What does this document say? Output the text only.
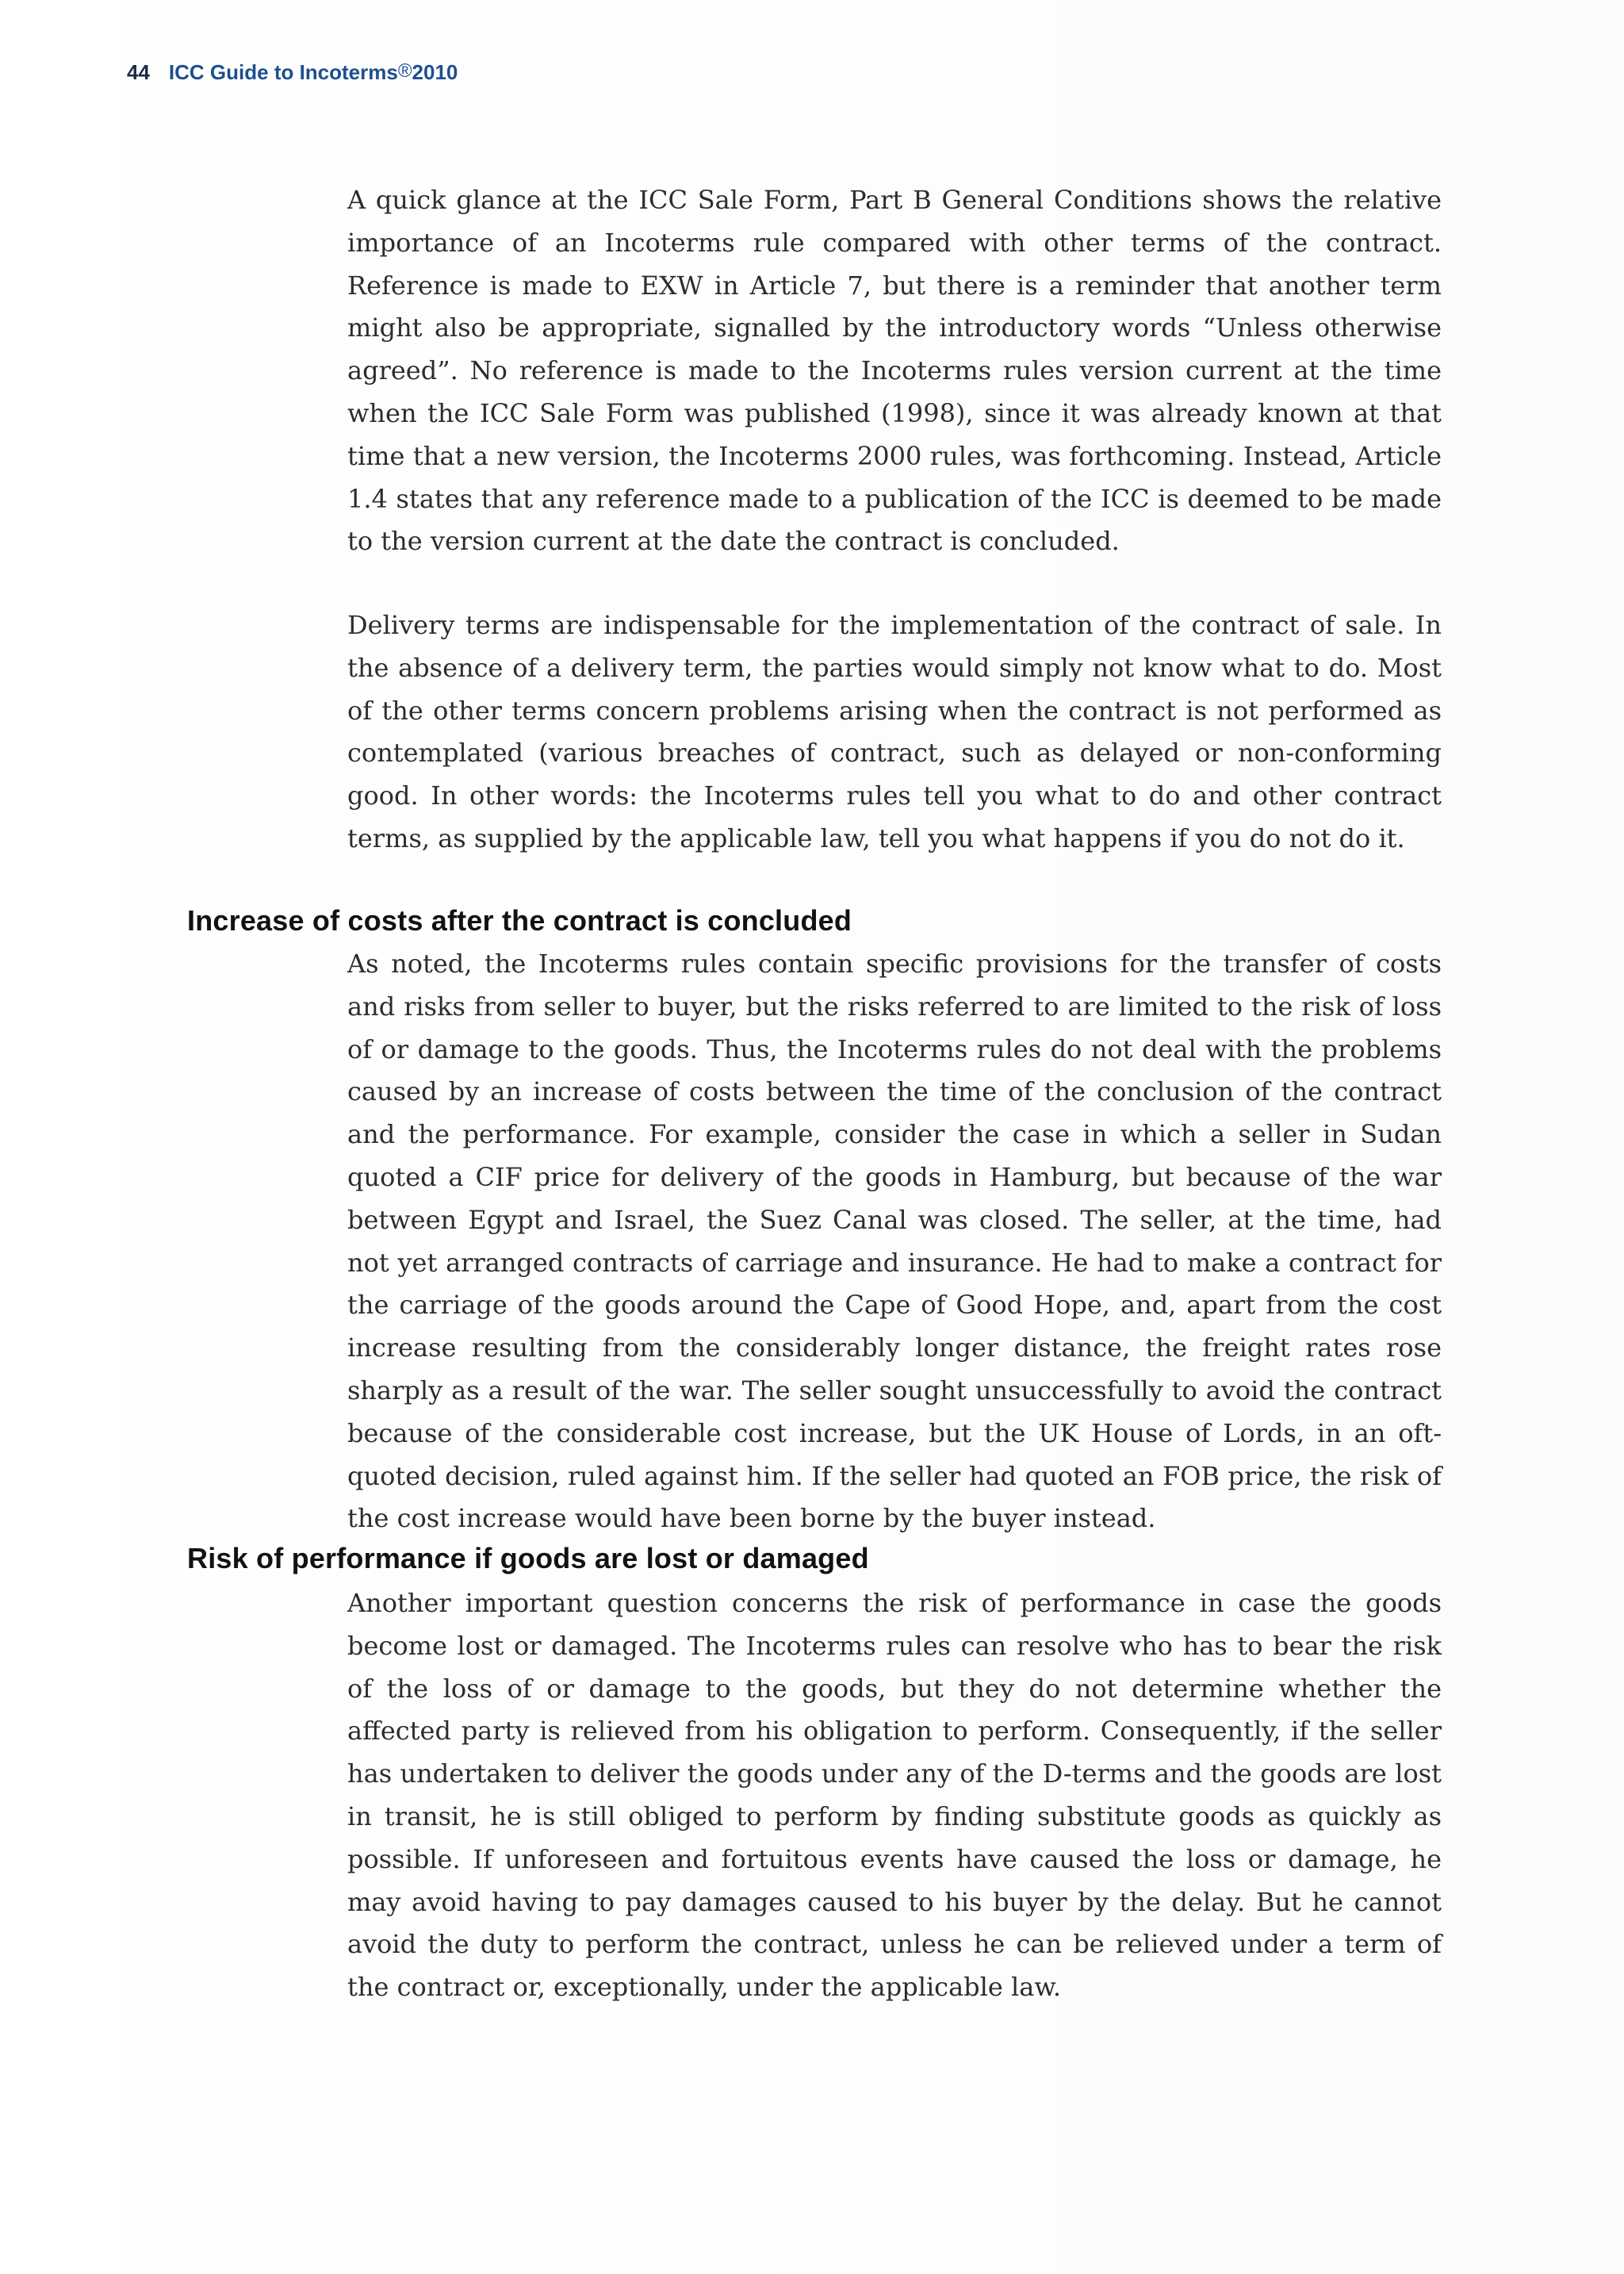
44 ICC Guide to Incoterms®2010

A quick glance at the ICC Sale Form, Part B General Conditions shows the relative importance of an Incoterms rule compared with other terms of the contract. Reference is made to EXW in Article 7, but there is a reminder that another term might also be appropriate, signalled by the introductory words “Unless otherwise agreed”. No reference is made to the Incoterms rules version current at the time when the ICC Sale Form was published (1998), since it was already known at that time that a new version, the Incoterms 2000 rules, was forthcoming. Instead, Article 1.4 states that any reference made to a publication of the ICC is deemed to be made to the version current at the date the contract is concluded.

Delivery terms are indispensable for the implementation of the contract of sale. In the absence of a delivery term, the parties would simply not know what to do. Most of the other terms concern problems arising when the contract is not performed as contemplated (various breaches of contract, such as delayed or non-conforming good. In other words: the Incoterms rules tell you what to do and other contract terms, as supplied by the applicable law, tell you what happens if you do not do it.

Increase of costs after the contract is concluded

As noted, the Incoterms rules contain specific provisions for the transfer of costs and risks from seller to buyer, but the risks referred to are limited to the risk of loss of or damage to the goods. Thus, the Incoterms rules do not deal with the problems caused by an increase of costs between the time of the conclusion of the contract and the performance. For example, consider the case in which a seller in Sudan quoted a CIF price for delivery of the goods in Hamburg, but because of the war between Egypt and Israel, the Suez Canal was closed. The seller, at the time, had not yet arranged contracts of carriage and insurance. He had to make a contract for the carriage of the goods around the Cape of Good Hope, and, apart from the cost increase resulting from the considerably longer distance, the freight rates rose sharply as a result of the war. The seller sought unsuccessfully to avoid the contract because of the considerable cost increase, but the UK House of Lords, in an oft-quoted decision, ruled against him. If the seller had quoted an FOB price, the risk of the cost increase would have been borne by the buyer instead.

Risk of performance if goods are lost or damaged

Another important question concerns the risk of performance in case the goods become lost or damaged. The Incoterms rules can resolve who has to bear the risk of the loss of or damage to the goods, but they do not determine whether the affected party is relieved from his obligation to perform. Consequently, if the seller has undertaken to deliver the goods under any of the D-terms and the goods are lost in transit, he is still obliged to perform by finding substitute goods as quickly as possible. If unforeseen and fortuitous events have caused the loss or damage, he may avoid having to pay damages caused to his buyer by the delay. But he cannot avoid the duty to perform the contract, unless he can be relieved under a term of the contract or, exceptionally, under the applicable law.
